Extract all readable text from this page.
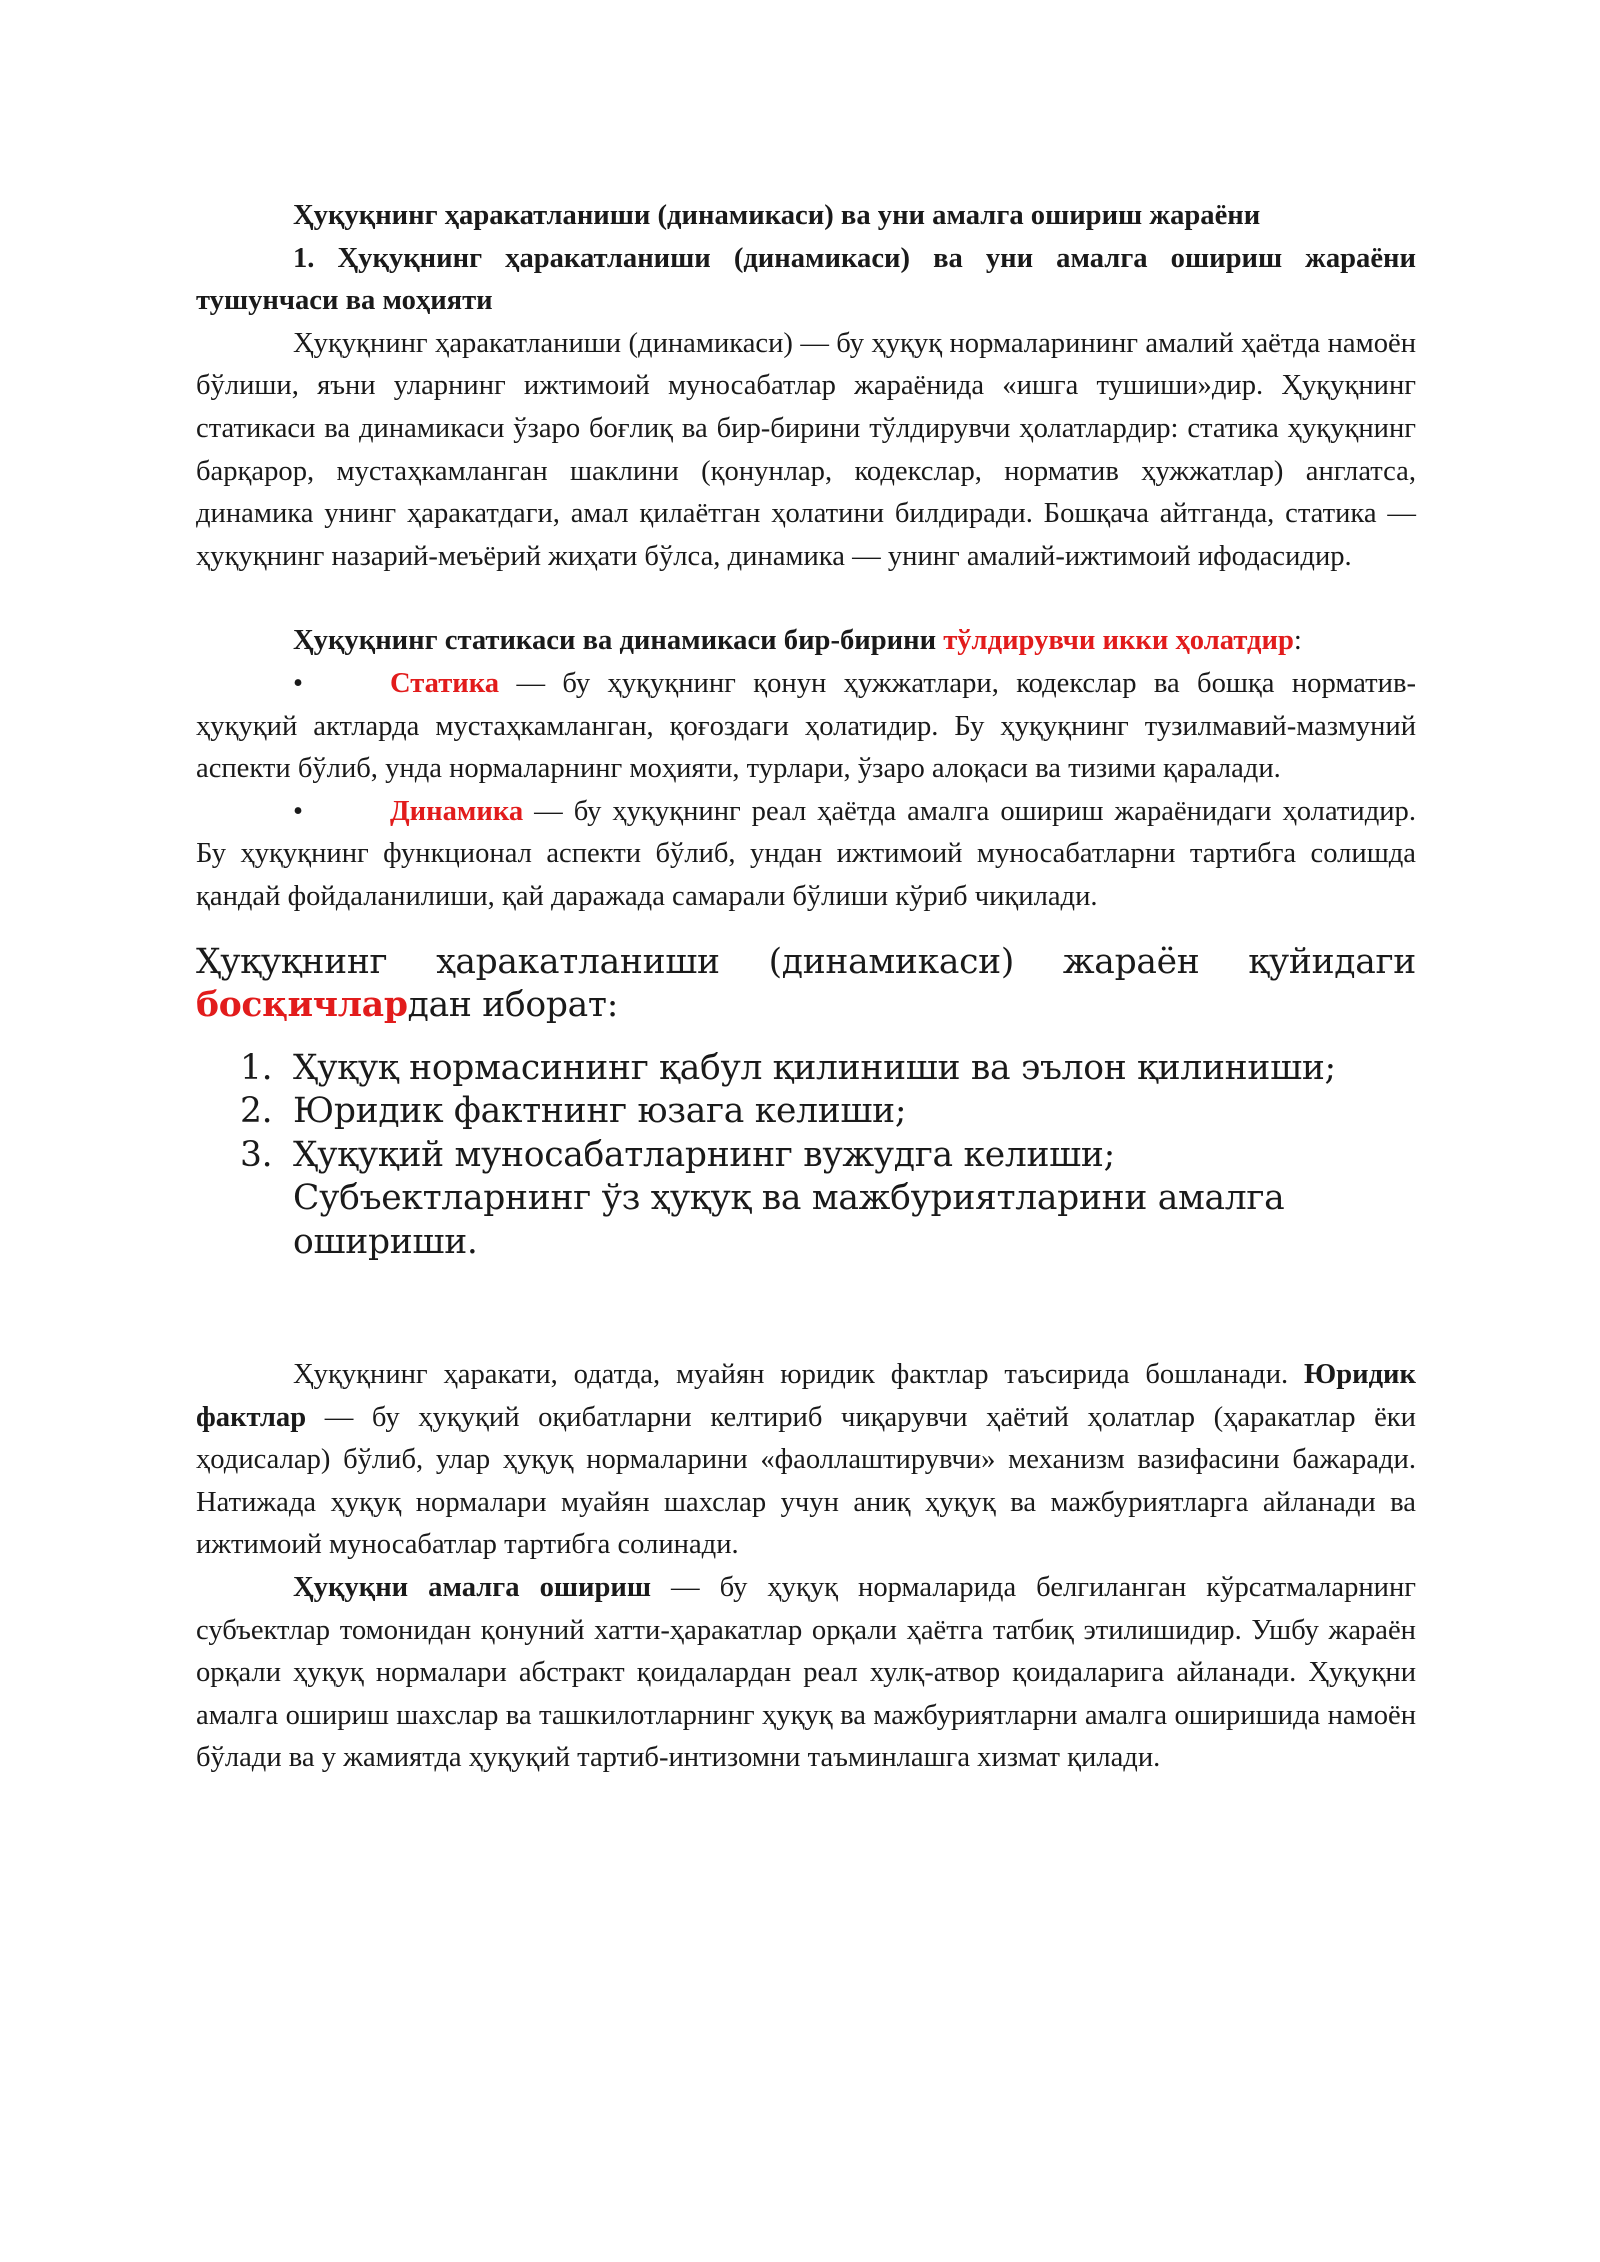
Ҳуқуқнинг ҳаракатланиши (динамикаси) ва уни амалга ошириш жараёни

1. Ҳуқуқнинг ҳаракатланиши (динамикаси) ва уни амалга ошириш жараёни тушунчаси ва моҳияти

Ҳуқуқнинг ҳаракатланиши (динамикаси) — бу ҳуқуқ нормаларининг амалий ҳаётда намоён бўлиши, яъни уларнинг ижтимоий муносабатлар жараёнида «ишга тушиши»дир. Ҳуқуқнинг статикаси ва динамикаси ўзаро боғлиқ ва бир-бирини тўлдирувчи ҳолатлардир: статика ҳуқуқнинг барқарор, мустаҳкамланган шаклини (қонунлар, кодекслар, норматив ҳужжатлар) англатса, динамика унинг ҳаракатдаги, амал қилаётган ҳолатини билдиради. Бошқача айтганда, статика — ҳуқуқнинг назарий-меъёрий жиҳати бўлса, динамика — унинг амалий-ижтимоий ифодасидир.

Ҳуқуқнинг статикаси ва динамикаси бир-бирини тўлдирувчи икки ҳолатдир:

•	Статика — бу ҳуқуқнинг қонун ҳужжатлари, кодекслар ва бошқа норматив-ҳуқуқий актларда мустаҳкамланган, қоғоздаги ҳолатидир. Бу ҳуқуқнинг тузилмавий-мазмуний аспекти бўлиб, унда нормаларнинг моҳияти, турлари, ўзаро алоқаси ва тизими қаралади.

•	Динамика — бу ҳуқуқнинг реал ҳаётда амалга ошириш жараёнидаги ҳолатидир. Бу ҳуқуқнинг функционал аспекти бўлиб, ундан ижтимоий муносабатларни тартибга солишда қандай фойдаланилиши, қай даражада самарали бўлиши кўриб чиқилади.

Ҳуқуқнинг ҳаракатланиши (динамикаси) жараён қуйидаги босқичлардан иборат:

1. Ҳуқуқ нормасининг қабул қилиниши ва эълон қилиниши;
2. Юридик фактнинг юзага келиши;
3. Ҳуқуқий муносабатларнинг вужудга келиши;
Субъектларнинг ўз ҳуқуқ ва мажбуриятларини амалга ошириши.

Ҳуқуқнинг ҳаракати, одатда, муайян юридик фактлар таъсирида бошланади. Юридик фактлар — бу ҳуқуқий оқибатларни келтириб чиқарувчи ҳаётий ҳолатлар (ҳаракатлар ёки ҳодисалар) бўлиб, улар ҳуқуқ нормаларини «фаоллаштирувчи» механизм вазифасини бажаради. Натижада ҳуқуқ нормалари муайян шахслар учун аниқ ҳуқуқ ва мажбуриятларга айланади ва ижтимоий муносабатлар тартибга солинади.

Ҳуқуқни амалга ошириш — бу ҳуқуқ нормаларида белгиланган кўрсатмаларнинг субъектлар томонидан қонуний хатти-ҳаракатлар орқали ҳаётга татбиқ этилишидир. Ушбу жараён орқали ҳуқуқ нормалари абстракт қоидалардан реал хулқ-атвор қоидаларига айланади. Ҳуқуқни амалга ошириш шахслар ва ташкилотларнинг ҳуқуқ ва мажбуриятларни амалга оширишида намоён бўлади ва у жамиятда ҳуқуқий тартиб-интизомни таъминлашга хизмат қилади.
